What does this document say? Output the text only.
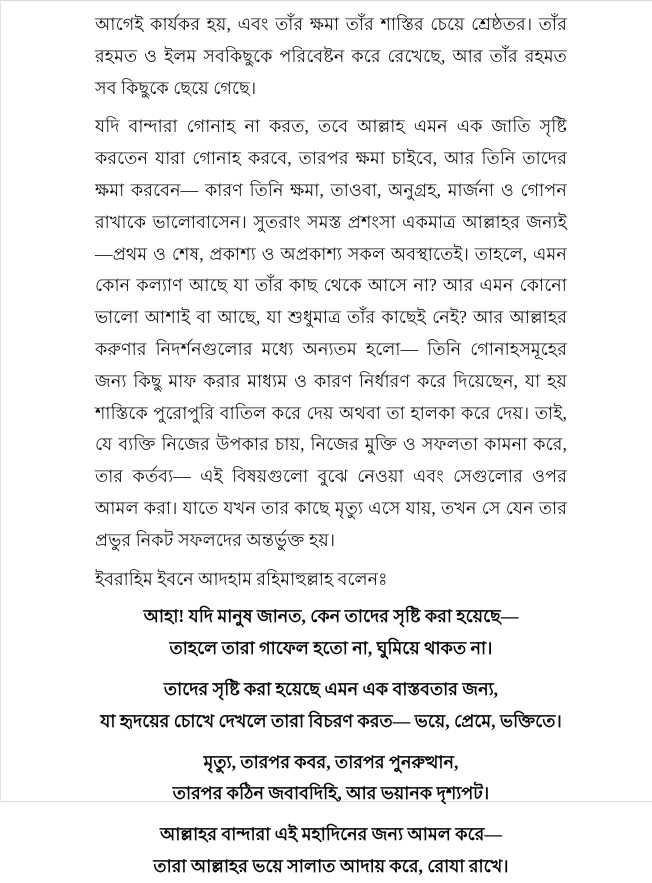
আগেই কার্যকর হয়, এবং তাঁর ক্ষমা তাঁর শাস্তির চেয়ে শ্রেষ্ঠতর। তাঁর রহমত ও ইলম সবকিছুকে পরিবেষ্টন করে রেখেছে, আর তাঁর রহমত সব কিছুকে ছেয়ে গেছে।

যদি বান্দারা গোনাহ না করত, তবে আল্লাহ এমন এক জাতি সৃষ্টি করতেন যারা গোনাহ করবে, তারপর ক্ষমা চাইবে, আর তিনি তাদের ক্ষমা করবেন— কারণ তিনি ক্ষমা, তাওবা, অনুগ্রহ, মার্জনা ও গোপন রাখাকে ভালোবাসেন। সুতরাং সমস্ত প্রশংসা একমাত্র আল্লাহর জন্যই—প্রথম ও শেষ, প্রকাশ্য ও অপ্রকাশ্য সকল অবস্থাতেই। তাহলে, এমন কোন কল্যাণ আছে যা তাঁর কাছ থেকে আসে না? আর এমন কোনো ভালো আশাই বা আছে, যা শুধুমাত্র তাঁর কাছেই নেই? আর আল্লাহর করুণার নিদর্শনগুলোর মধ্যে অন্যতম হলো— তিনি গোনাহসমূহের জন্য কিছু মাফ করার মাধ্যম ও কারণ নির্ধারণ করে দিয়েছেন, যা হয় শাস্তিকে পুরোপুরি বাতিল করে দেয় অথবা তা হালকা করে দেয়। তাই, যে ব্যক্তি নিজের উপকার চায়, নিজের মুক্তি ও সফলতা কামনা করে, তার কর্তব্য— এই বিষয়গুলো বুঝে নেওয়া এবং সেগুলোর ওপর আমল করা। যাতে যখন তার কাছে মৃত্যু এসে যায়, তখন সে যেন তার প্রভুর নিকট সফলদের অন্তর্ভুক্ত হয়।

ইবরাহিম ইবনে আদহাম রহিমাহুল্লাহ বলেনঃ

আহা! যদি মানুষ জানত, কেন তাদের সৃষ্টি করা হয়েছে—

তাহলে তারা গাফেল হতো না, ঘুমিয়ে থাকত না।

তাদের সৃষ্টি করা হয়েছে এমন এক বাস্তবতার জন্য,

যা হৃদয়ের চোখে দেখলে তারা বিচরণ করত— ভয়ে, প্রেমে, ভক্তিতে।

মৃত্যু, তারপর কবর, তারপর পুনরুত্থান,

তারপর কঠিন জবাবদিহি, আর ভয়ানক দৃশ্যপট।

আল্লাহর বান্দারা এই মহাদিনের জন্য আমল করে—

তারা আল্লাহর ভয়ে সালাত আদায় করে, রোযা রাখে।
